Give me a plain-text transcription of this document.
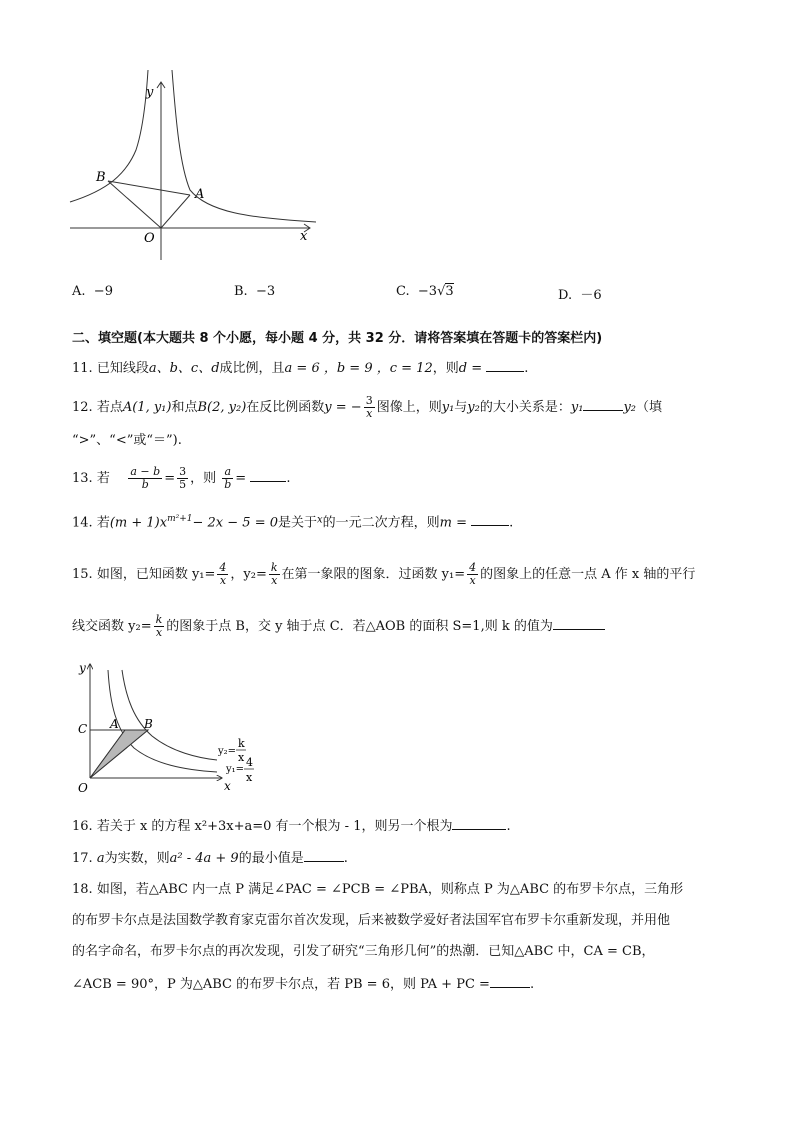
y
x
O
B
A
A. −9	B. −3	C. −3√3	D. －6
二、填空题(本大题共 8 个小愿，每小题 4 分，共 32 分．请将答案填在答题卡的答案栏内)
11. 已知线段a、b、c、d成比例，且a = 6 ，b = 9 ，c = 12，则d =	.
12. 若点A(1, y₁)和点B(2, y₂)在反比例函数y = − $\frac{3}{x}$ 图像上，则y₁与y₂的大小关系是：y₁	y₂（填
“>”、“<”或“＝”).
13. 若 $\frac{a - b}{b} = \frac{3}{5}$ ，则 $\frac{a}{b}$ =	.
14. 若$(m + 1)x^{m^2+1}- 2x - 5 = 0$是关于$^x$的一元二次方程，则m =	.
15. 如图，已知函数 $y_1= \frac{4}{x}$ ，$y_2= \frac{k}{x}$ 在第一象限的图象．过函数 $y_1= \frac{4}{x}$ 的图象上的任意一点 A 作 x 轴的平行
线交函数 $y_2= \frac{k}{x}$ 的图象于点 B，交 y 轴于点 C．若△AOB 的面积 S=1,则 k 的值为
y
x
O
C A B
y₂=
k
x
y₁=
4
x
16. 若关于 x 的方程 x²+3x+a=0 有一个根为 - 1，则另一个根为	.
17. a为实数，则a² - 4a + 9的最小值是	.
18. 如图，若△ABC 内一点 P 满足∠PAC = ∠PCB = ∠PBA，则称点 P 为△ABC 的布罗卡尔点，三角形
的布罗卡尔点是法国数学教育家克雷尔首次发现，后来被数学爱好者法国军官布罗卡尔重新发现，并用他
的名字命名，布罗卡尔点的再次发现，引发了研究“三角形几何”的热潮．已知△ABC 中，CA = CB，
∠ACB = 90°，P 为△ABC 的布罗卡尔点，若 PB = 6，则 PA + PC =	.
